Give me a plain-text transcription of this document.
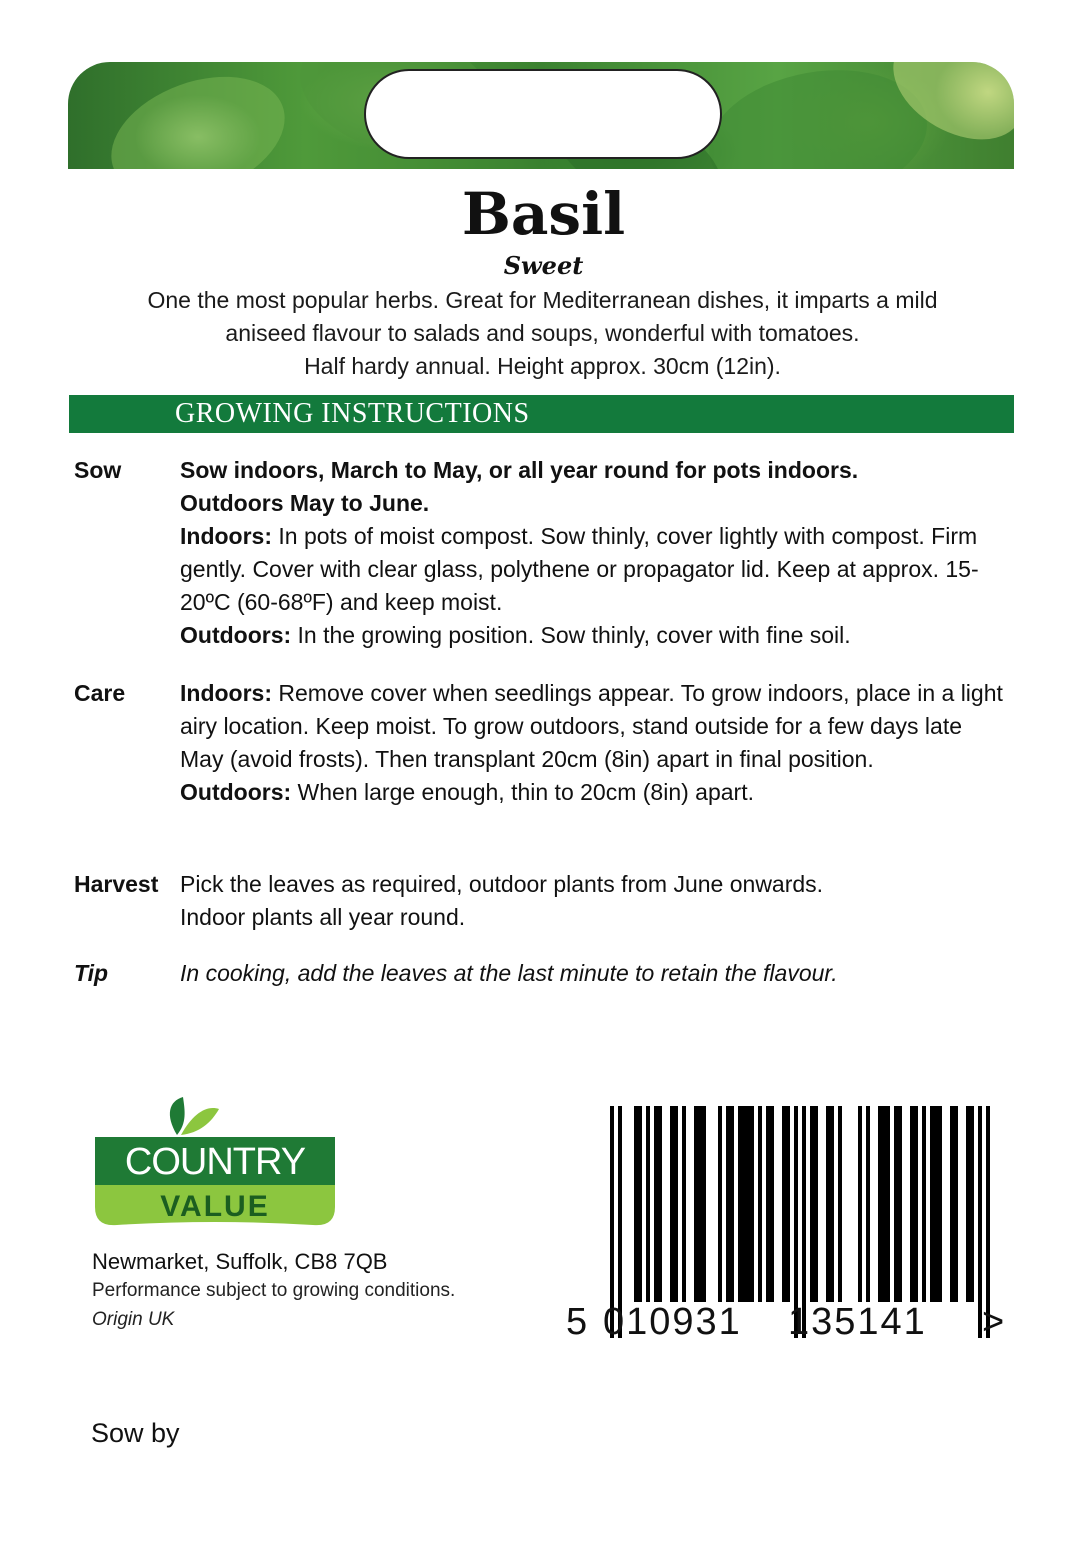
Basil
Sweet
One the most popular herbs. Great for Mediterranean dishes, it imparts a mild
aniseed flavour to salads and soups, wonderful with tomatoes.
Half hardy annual. Height approx. 30cm (12in).
GROWING INSTRUCTIONS
Sow	Sow indoors, March to May, or all year round for pots indoors.
Outdoors May to June.
Indoors: In pots of moist compost. Sow thinly, cover lightly with compost. Firm gently. Cover with clear glass, polythene or propagator lid. Keep at approx. 15-20ºC (60-68ºF) and keep moist.
Outdoors: In the growing position. Sow thinly, cover with fine soil.
Care Indoors: Remove cover when seedlings appear. To grow indoors, place in a light airy location. Keep moist. To grow outdoors, stand outside for a few days late May (avoid frosts). Then transplant 20cm (8in) apart in final position.
Outdoors: When large enough, thin to 20cm (8in) apart.
Harvest Pick the leaves as required, outdoor plants from June onwards.
Indoor plants all year round.
Tip	In cooking, add the leaves at the last minute to retain the flavour.
COUNTRY
VALUE
Newmarket, Suffolk, CB8 7QB
Performance subject to growing conditions.
Origin UK	5 010931 135141 >
Sow by
